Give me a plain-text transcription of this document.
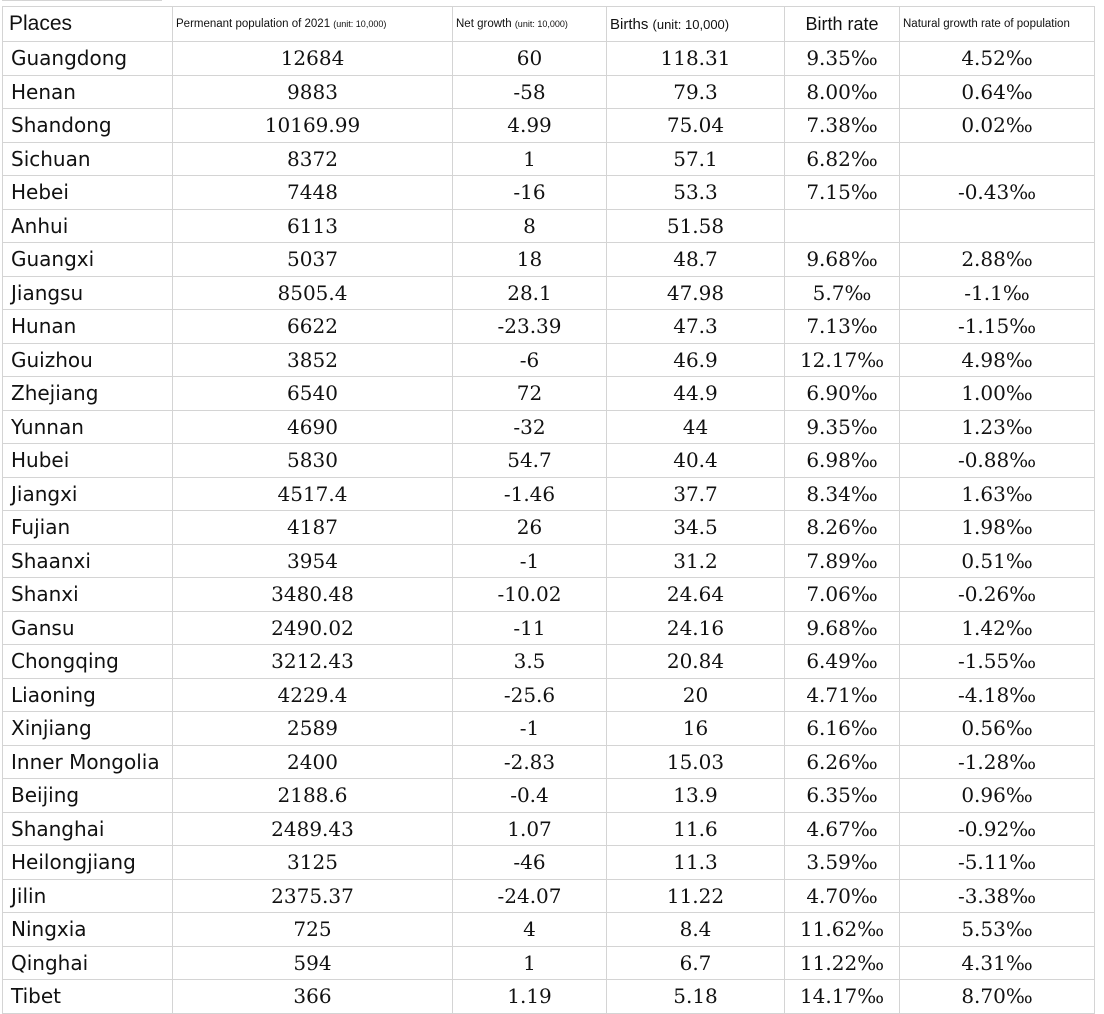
Places	Permenant population of 2021 (unit: 10,000)	Net growth (unit: 10,000)	Births (unit: 10,000)	Birth rate	Natural growth rate of population
Guangdong	12684	60	118.31	9.35‰	4.52‰
Henan	9883	-58	79.3	8.00‰	0.64‰
Shandong	10169.99	4.99	75.04	7.38‰	0.02‰
Sichuan	8372	1	57.1	6.82‰	
Hebei	7448	-16	53.3	7.15‰	-0.43‰
Anhui	6113	8	51.58		
Guangxi	5037	18	48.7	9.68‰	2.88‰
Jiangsu	8505.4	28.1	47.98	5.7‰	-1.1‰
Hunan	6622	-23.39	47.3	7.13‰	-1.15‰
Guizhou	3852	-6	46.9	12.17‰	4.98‰
Zhejiang	6540	72	44.9	6.90‰	1.00‰
Yunnan	4690	-32	44	9.35‰	1.23‰
Hubei	5830	54.7	40.4	6.98‰	-0.88‰
Jiangxi	4517.4	-1.46	37.7	8.34‰	1.63‰
Fujian	4187	26	34.5	8.26‰	1.98‰
Shaanxi	3954	-1	31.2	7.89‰	0.51‰
Shanxi	3480.48	-10.02	24.64	7.06‰	-0.26‰
Gansu	2490.02	-11	24.16	9.68‰	1.42‰
Chongqing	3212.43	3.5	20.84	6.49‰	-1.55‰
Liaoning	4229.4	-25.6	20	4.71‰	-4.18‰
Xinjiang	2589	-1	16	6.16‰	0.56‰
Inner Mongolia	2400	-2.83	15.03	6.26‰	-1.28‰
Beijing	2188.6	-0.4	13.9	6.35‰	0.96‰
Shanghai	2489.43	1.07	11.6	4.67‰	-0.92‰
Heilongjiang	3125	-46	11.3	3.59‰	-5.11‰
Jilin	2375.37	-24.07	11.22	4.70‰	-3.38‰
Ningxia	725	4	8.4	11.62‰	5.53‰
Qinghai	594	1	6.7	11.22‰	4.31‰
Tibet	366	1.19	5.18	14.17‰	8.70‰
